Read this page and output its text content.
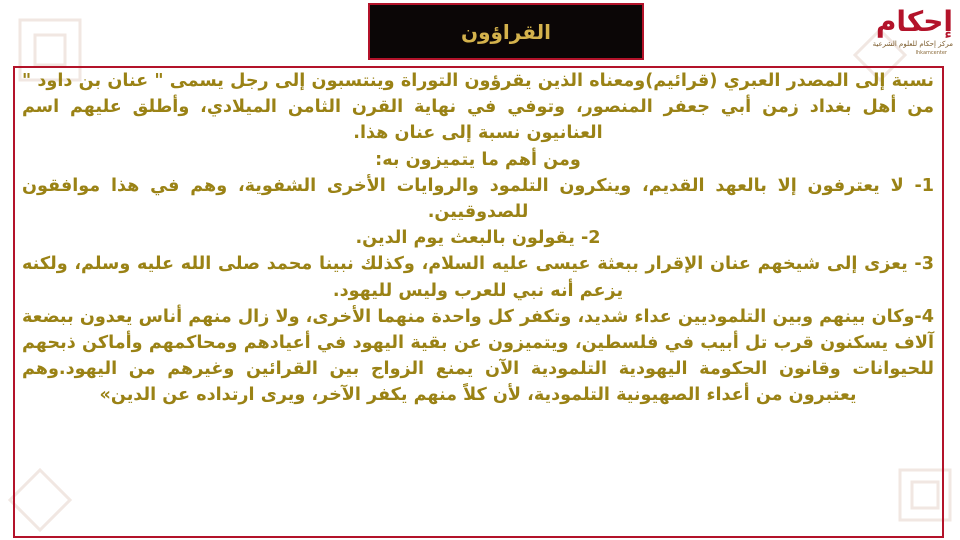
القراؤون	إحكام
مركز إحكام للعلوم الشرعية
Ihkamcenter

نسبة إلى المصدر العبري (قرائيم)ومعناه الذين يقرؤون التوراة وينتسبون إلى رجل يسمى " عنان بن داود " من أهل بغداد زمن أبي جعفر المنصور، وتوفي في نهاية القرن الثامن الميلادي، وأطلق عليهم اسم العنانيون نسبة إلى عنان هذا.

ومن أهم ما يتميزون به:

1- لا يعترفون إلا بالعهد القديم، وينكرون التلمود والروايات الأخرى الشفوية، وهم في هذا موافقون للصدوقيين.

2- يقولون بالبعث يوم الدين.

3- يعزى إلى شيخهم عنان الإقرار ببعثة عيسى عليه السلام، وكذلك نبينا محمد صلى الله عليه وسلم، ولكنه يزعم أنه نبي للعرب وليس لليهود.

4-وكان بينهم وبين التلموديين عداء شديد، وتكفر كل واحدة منهما الأخرى، ولا زال منهم أناس يعدون ببضعة آلاف يسكنون قرب تل أبيب في فلسطين، ويتميزون عن بقية اليهود في أعيادهم ومحاكمهم وأماكن ذبحهم للحيوانات وقانون الحكومة اليهودية التلمودية الآن يمنع الزواج بين القرائين وغيرهم من اليهود.وهم يعتبرون من أعداء الصهيونية التلمودية، لأن كلاً منهم يكفر الآخر، ويرى ارتداده عن الدين»
